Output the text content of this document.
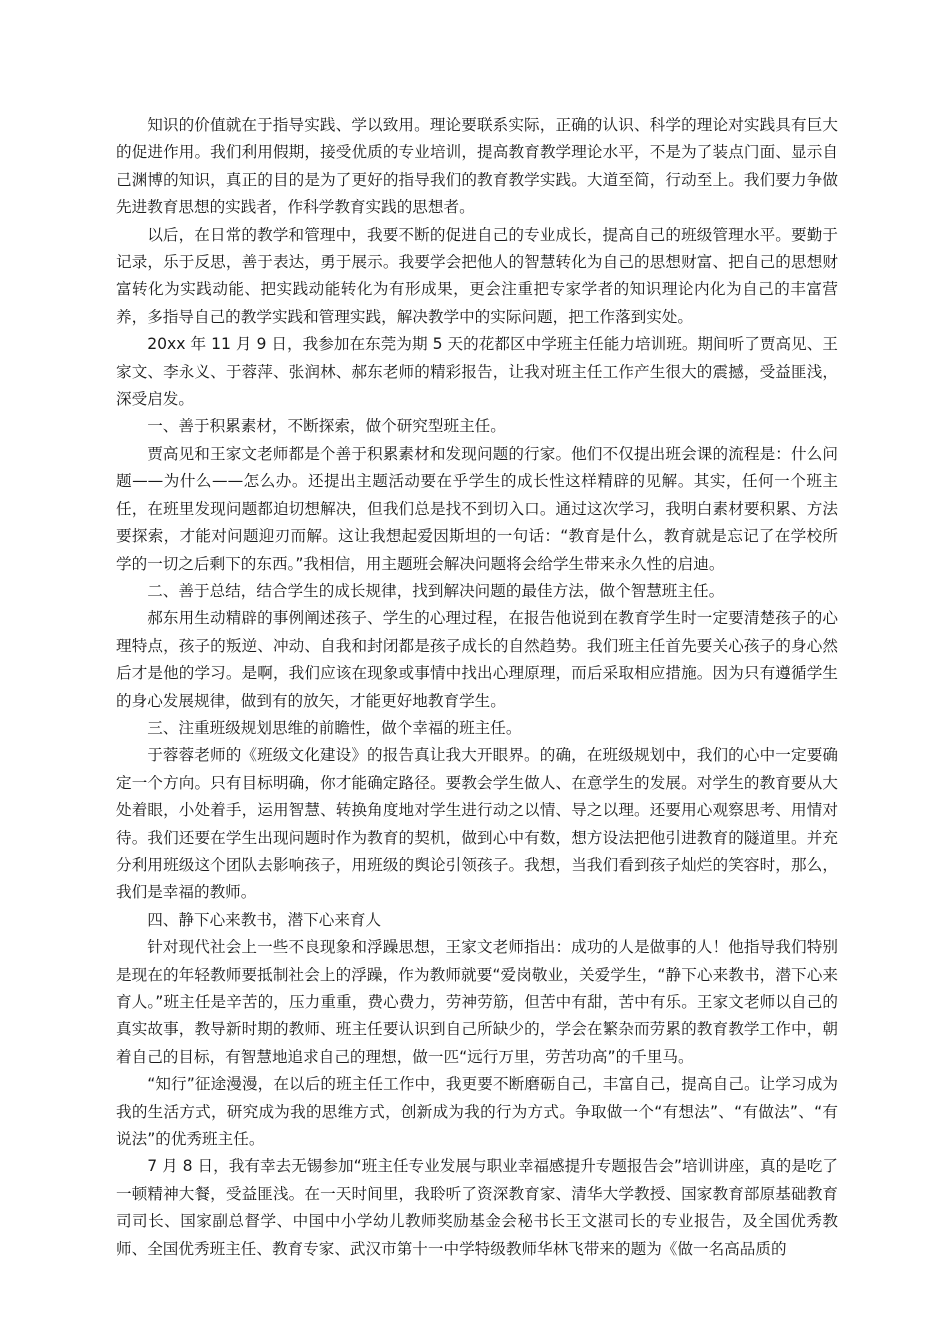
知识的价值就在于指导实践、学以致用。理论要联系实际，正确的认识、科学的理论对实践具有巨大的促进作用。我们利用假期，接受优质的专业培训，提高教育教学理论水平，不是为了装点门面、显示自己渊博的知识，真正的目的是为了更好的指导我们的教育教学实践。大道至简，行动至上。我们要力争做先进教育思想的实践者，作科学教育实践的思想者。

以后，在日常的教学和管理中，我要不断的促进自己的专业成长，提高自己的班级管理水平。要勤于记录，乐于反思，善于表达，勇于展示。我要学会把他人的智慧转化为自己的思想财富、把自己的思想财富转化为实践动能、把实践动能转化为有形成果，更会注重把专家学者的知识理论内化为自己的丰富营养，多指导自己的教学实践和管理实践，解决教学中的实际问题，把工作落到实处。

20xx 年 11 月 9 日，我参加在东莞为期 5 天的花都区中学班主任能力培训班。期间听了贾高见、王家文、李永义、于蓉萍、张润林、郝东老师的精彩报告，让我对班主任工作产生很大的震撼，受益匪浅，深受启发。

一、善于积累素材，不断探索，做个研究型班主任。

贾高见和王家文老师都是个善于积累素材和发现问题的行家。他们不仅提出班会课的流程是：什么问题——为什么——怎么办。还提出主题活动要在乎学生的成长性这样精辟的见解。其实，任何一个班主任，在班里发现问题都迫切想解决，但我们总是找不到切入口。通过这次学习，我明白素材要积累、方法要探索，才能对问题迎刃而解。这让我想起爱因斯坦的一句话：“教育是什么，教育就是忘记了在学校所学的一切之后剩下的东西。”我相信，用主题班会解决问题将会给学生带来永久性的启迪。

二、善于总结，结合学生的成长规律，找到解决问题的最佳方法，做个智慧班主任。

郝东用生动精辟的事例阐述孩子、学生的心理过程，在报告他说到在教育学生时一定要清楚孩子的心理特点，孩子的叛逆、冲动、自我和封闭都是孩子成长的自然趋势。我们班主任首先要关心孩子的身心然后才是他的学习。是啊，我们应该在现象或事情中找出心理原理，而后采取相应措施。因为只有遵循学生的身心发展规律，做到有的放矢，才能更好地教育学生。

三、注重班级规划思维的前瞻性，做个幸福的班主任。

于蓉蓉老师的《班级文化建设》的报告真让我大开眼界。的确，在班级规划中，我们的心中一定要确定一个方向。只有目标明确，你才能确定路径。要教会学生做人、在意学生的发展。对学生的教育要从大处着眼，小处着手，运用智慧、转换角度地对学生进行动之以情、导之以理。还要用心观察思考、用情对待。我们还要在学生出现问题时作为教育的契机，做到心中有数，想方设法把他引进教育的隧道里。并充分利用班级这个团队去影响孩子，用班级的舆论引领孩子。我想，当我们看到孩子灿烂的笑容时，那么，我们是幸福的教师。

四、静下心来教书，潜下心来育人

针对现代社会上一些不良现象和浮躁思想，王家文老师指出：成功的人是做事的人！他指导我们特别是现在的年轻教师要抵制社会上的浮躁，作为教师就要“爱岗敬业，关爱学生，“静下心来教书，潜下心来育人。”班主任是辛苦的，压力重重，费心费力，劳神劳筋，但苦中有甜，苦中有乐。王家文老师以自己的真实故事，教导新时期的教师、班主任要认识到自己所缺少的，学会在繁杂而劳累的教育教学工作中，朝着自己的目标，有智慧地追求自己的理想，做一匹“远行万里，劳苦功高”的千里马。

“知行”征途漫漫，在以后的班主任工作中，我更要不断磨砺自己，丰富自己，提高自己。让学习成为我的生活方式，研究成为我的思维方式，创新成为我的行为方式。争取做一个“有想法”、“有做法”、“有说法”的优秀班主任。

7 月 8 日，我有幸去无锡参加“班主任专业发展与职业幸福感提升专题报告会”培训讲座，真的是吃了一顿精神大餐，受益匪浅。在一天时间里，我聆听了资深教育家、清华大学教授、国家教育部原基础教育司司长、国家副总督学、中国中小学幼儿教师奖励基金会秘书长王文湛司长的专业报告，及全国优秀教师、全国优秀班主任、教育专家、武汉市第十一中学特级教师华林飞带来的题为《做一名高品质的
